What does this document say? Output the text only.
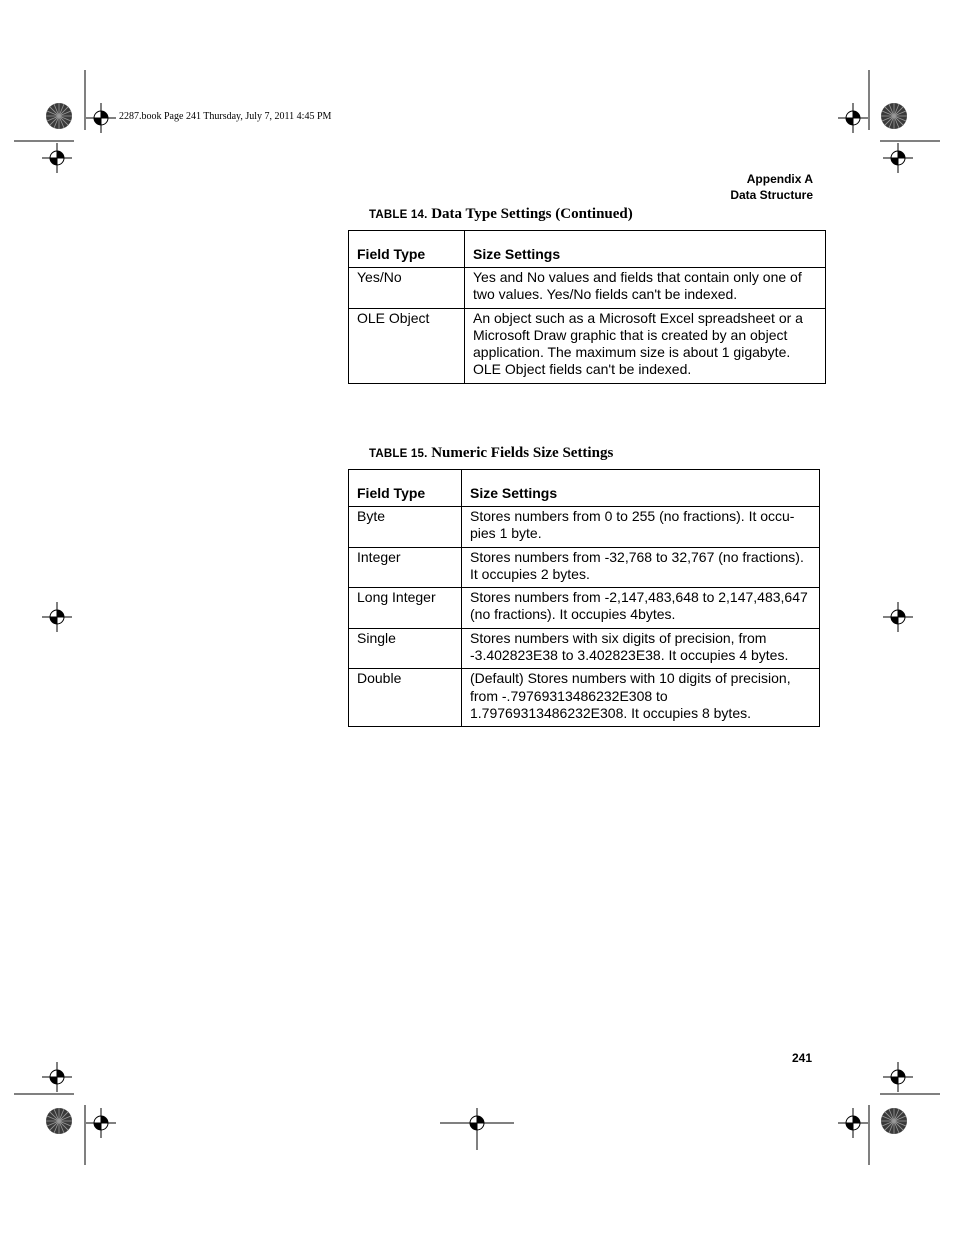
2287.book Page 241 Thursday, July 7, 2011 4:45 PM
Appendix A
Data Structure
TABLE 14. Data Type Settings (Continued)
Field Type	Size Settings
Yes/No	Yes and No values and fields that contain only one of two values. Yes/No fields can't be indexed.
OLE Object	An object such as a Microsoft Excel spreadsheet or a Microsoft Draw graphic that is created by an object application. The maximum size is about 1 gigabyte. OLE Object fields can't be indexed.
TABLE 15. Numeric Fields Size Settings
Field Type	Size Settings
Byte	Stores numbers from 0 to 255 (no fractions). It occu-pies 1 byte.
Integer	Stores numbers from -32,768 to 32,767 (no fractions). It occupies 2 bytes.
Long Integer	Stores numbers from -2,147,483,648 to 2,147,483,647 (no fractions). It occupies 4bytes.
Single	Stores numbers with six digits of precision, from -3.402823E38 to 3.402823E38. It occupies 4 bytes.
Double	(Default) Stores numbers with 10 digits of precision, from -.79769313486232E308 to 1.79769313486232E308. It occupies 8 bytes.
241
